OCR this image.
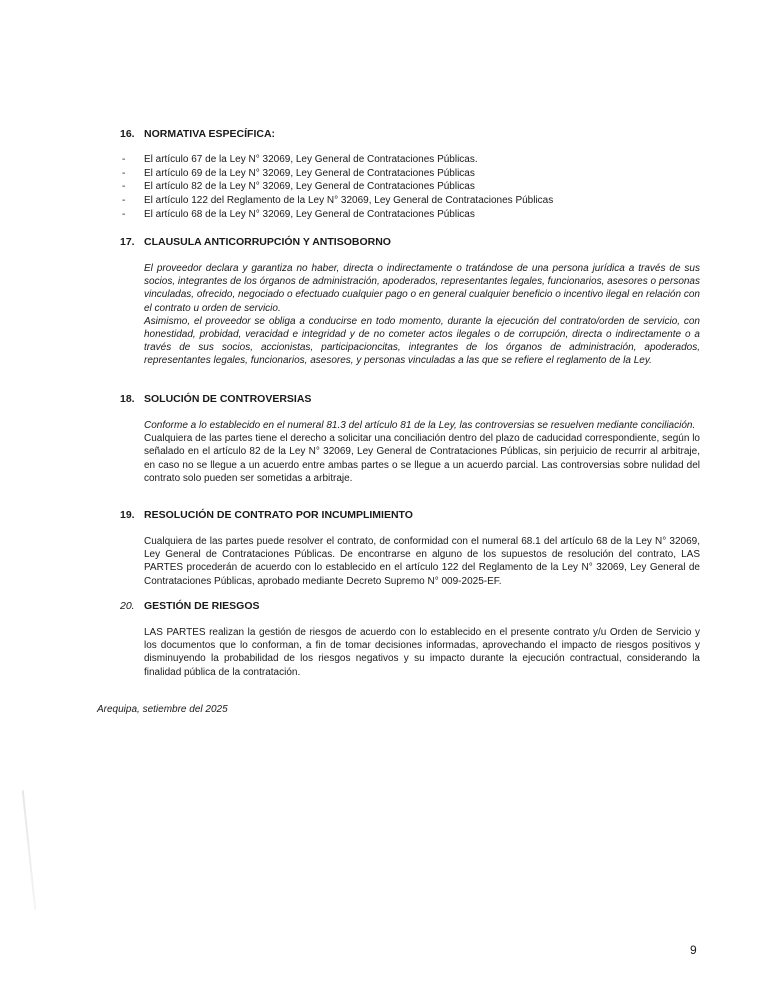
16. NORMATIVA ESPECÍFICA:
-	El artículo 67 de la Ley N° 32069, Ley General de Contrataciones Públicas.
-	El artículo 69 de la Ley N° 32069, Ley General de Contrataciones Públicas
-	El artículo 82 de la Ley N° 32069, Ley General de Contrataciones Públicas
-	El artículo 122 del Reglamento de la Ley N° 32069, Ley General de Contrataciones Públicas
-	El artículo 68 de la Ley N° 32069, Ley General de Contrataciones Públicas
17. CLAUSULA ANTICORRUPCIÓN Y ANTISOBORNO

El proveedor declara y garantiza no haber, directa o indirectamente o tratándose de una persona jurídica a través de sus socios, integrantes de los órganos de administración, apoderados, representantes legales, funcionarios, asesores o personas vinculadas, ofrecido, negociado o efectuado cualquier pago o en general cualquier beneficio o incentivo ilegal en relación con el contrato u orden de servicio.

Asimismo, el proveedor se obliga a conducirse en todo momento, durante la ejecución del contrato/orden de servicio, con honestidad, probidad, veracidad e integridad y de no cometer actos ilegales o de corrupción, directa o indirectamente o a través de sus socios, accionistas, participacioncitas, integrantes de los órganos de administración, apoderados, representantes legales, funcionarios, asesores, y personas vinculadas a las que se refiere el reglamento de la Ley.

18. SOLUCIÓN DE CONTROVERSIAS

Conforme a lo establecido en el numeral 81.3 del artículo 81 de la Ley, las controversias se resuelven mediante conciliación.

Cualquiera de las partes tiene el derecho a solicitar una conciliación dentro del plazo de caducidad correspondiente, según lo señalado en el artículo 82 de la Ley N° 32069, Ley General de Contrataciones Públicas, sin perjuicio de recurrir al arbitraje, en caso no se llegue a un acuerdo entre ambas partes o se llegue a un acuerdo parcial. Las controversias sobre nulidad del contrato solo pueden ser sometidas a arbitraje.

19. RESOLUCIÓN DE CONTRATO POR INCUMPLIMIENTO

Cualquiera de las partes puede resolver el contrato, de conformidad con el numeral 68.1 del artículo 68 de la Ley N° 32069, Ley General de Contrataciones Públicas. De encontrarse en alguno de los supuestos de resolución del contrato, LAS PARTES procederán de acuerdo con lo establecido en el artículo 122 del Reglamento de la Ley N° 32069, Ley General de Contrataciones Públicas, aprobado mediante Decreto Supremo N° 009-2025-EF.

20. GESTIÓN DE RIESGOS

LAS PARTES realizan la gestión de riesgos de acuerdo con lo establecido en el presente contrato y/u Orden de Servicio y los documentos que lo conforman, a fin de tomar decisiones informadas, aprovechando el impacto de riesgos positivos y disminuyendo la probabilidad de los riesgos negativos y su impacto durante la ejecución contractual, considerando la finalidad pública de la contratación.

Arequipa, setiembre del 2025
9
